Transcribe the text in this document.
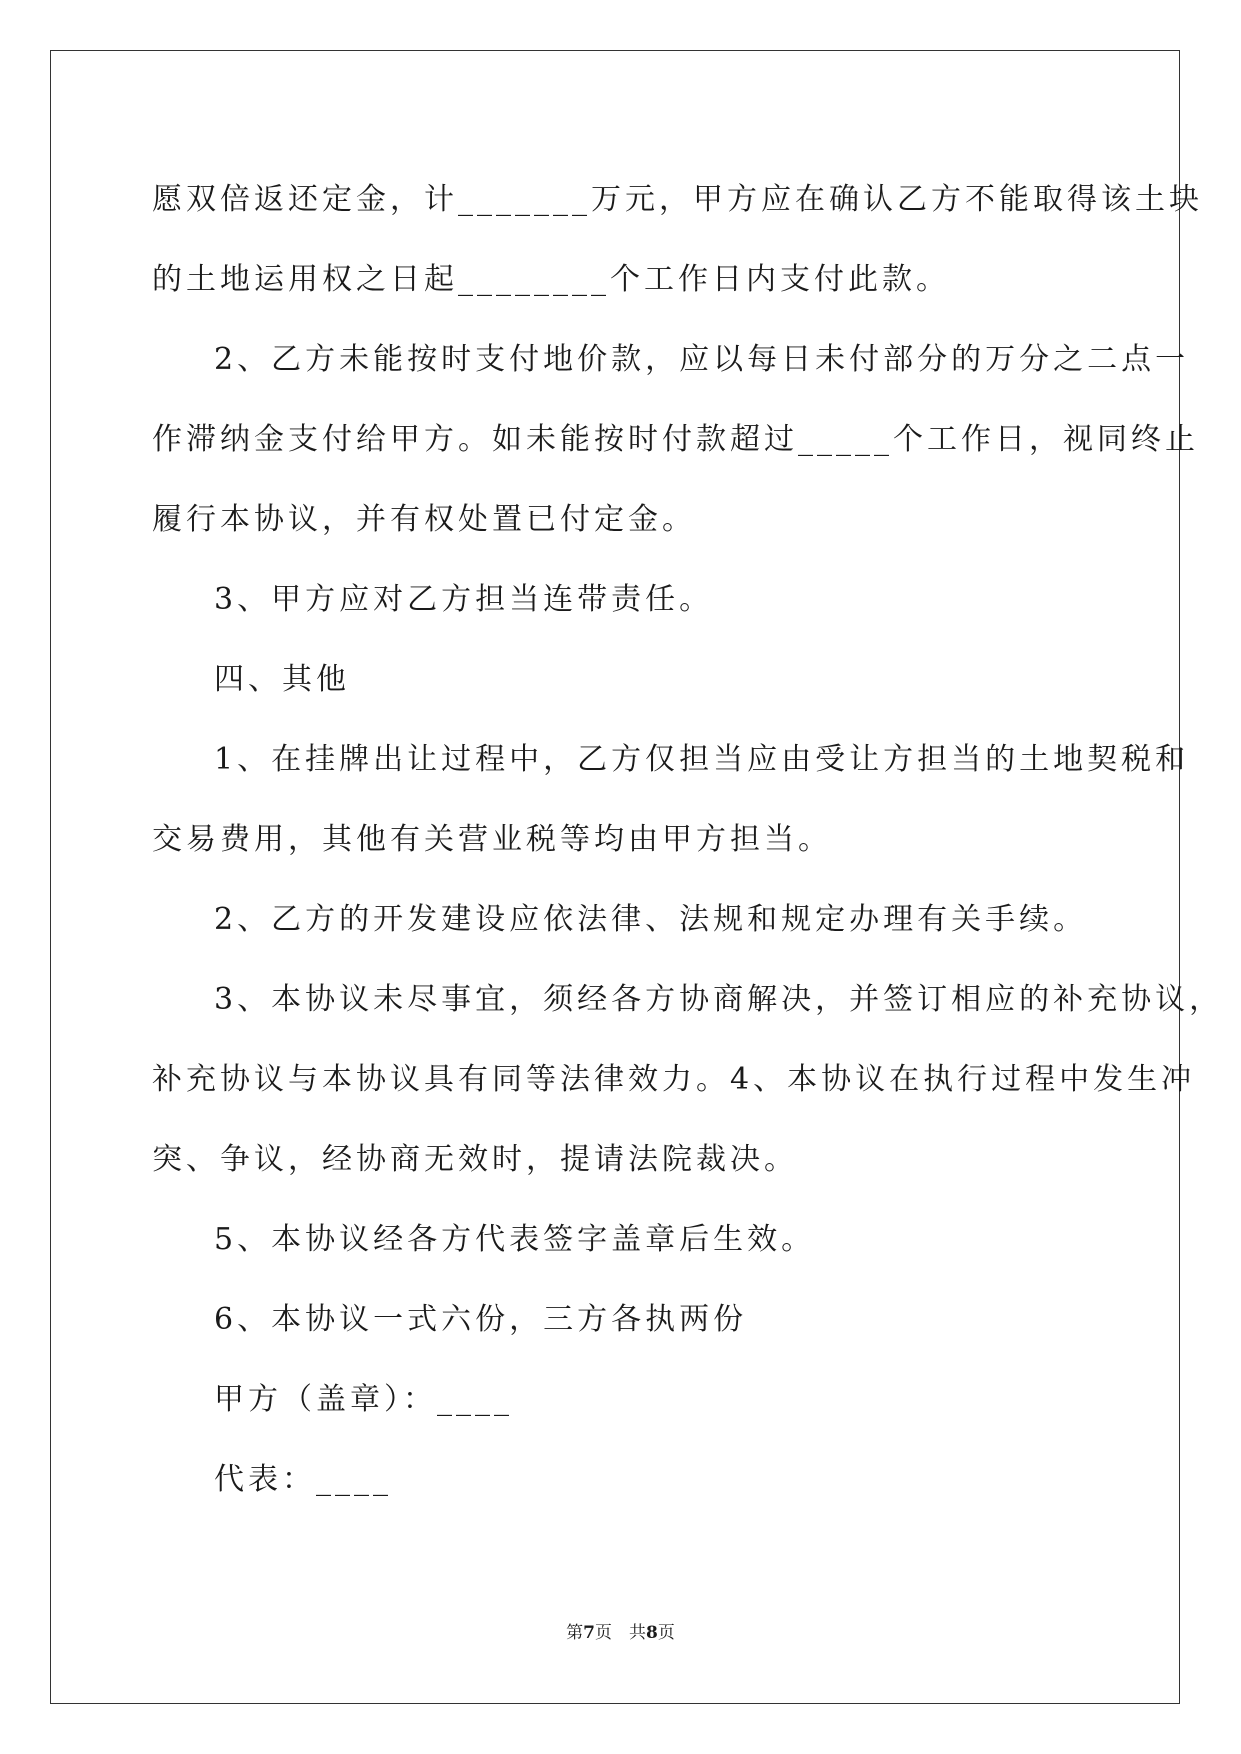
愿双倍返还定金，计_______万元，甲方应在确认乙方不能取得该土块

的土地运用权之日起________个工作日内支付此款。

2、乙方未能按时支付地价款，应以每日未付部分的万分之二点一

作滞纳金支付给甲方。如未能按时付款超过_____个工作日，视同终止

履行本协议，并有权处置已付定金。

3、甲方应对乙方担当连带责任。

四、其他

1、在挂牌出让过程中，乙方仅担当应由受让方担当的土地契税和

交易费用，其他有关营业税等均由甲方担当。

2、乙方的开发建设应依法律、法规和规定办理有关手续。

3、本协议未尽事宜，须经各方协商解决，并签订相应的补充协议，

补充协议与本协议具有同等法律效力。4、本协议在执行过程中发生冲

突、争议，经协商无效时，提请法院裁决。

5、本协议经各方代表签字盖章后生效。

6、本协议一式六份，三方各执两份

甲方（盖章）：____

代表：____

第7页　共8页
